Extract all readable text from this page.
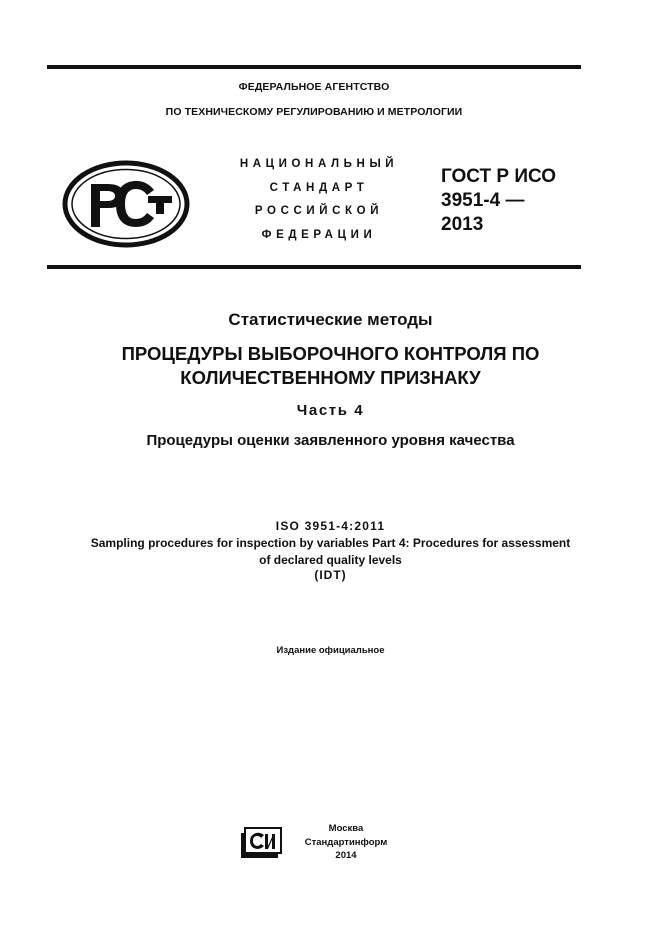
ФЕДЕРАЛЬНОЕ АГЕНТСТВО
ПО ТЕХНИЧЕСКОМУ РЕГУЛИРОВАНИЮ И МЕТРОЛОГИИ
НАЦИОНАЛЬНЫЙ
СТАНДАРТ
РОССИЙСКОЙ
ФЕДЕРАЦИИ
ГОСТ Р ИСО
3951-4 —
2013
Статистические методы
ПРОЦЕДУРЫ ВЫБОРОЧНОГО КОНТРОЛЯ ПО
КОЛИЧЕСТВЕННОМУ ПРИЗНАКУ
Часть 4
Процедуры оценки заявленного уровня качества
ISO 3951-4:2011
Sampling procedures for inspection by variables Part 4: Procedures for assessment
of declared quality levels
(IDT)
Издание официальное
Москва
Стандартинформ
2014
